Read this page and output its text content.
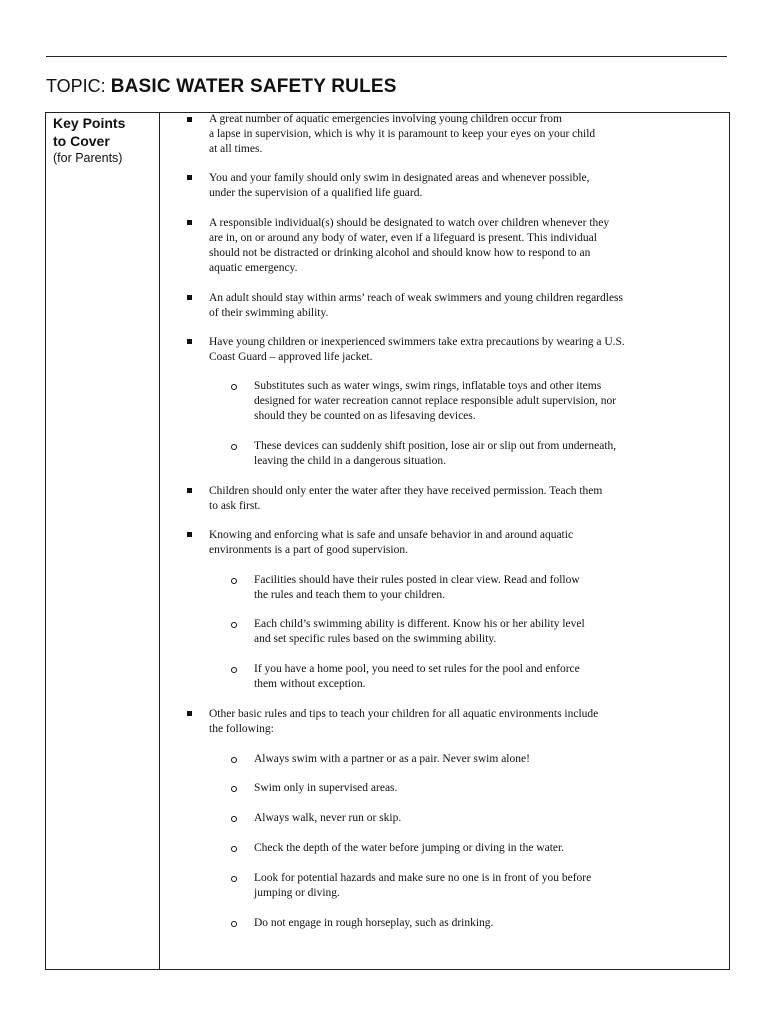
TOPIC: BASIC WATER SAFETY RULES
Key Points
to Cover
(for Parents)
A great number of aquatic emergencies involving young children occur from
a lapse in supervision, which is why it is paramount to keep your eyes on your child
at all times.
You and your family should only swim in designated areas and whenever possible,
under the supervision of a qualified life guard.
A responsible individual(s) should be designated to watch over children whenever they
are in, on or around any body of water, even if a lifeguard is present. This individual
should not be distracted or drinking alcohol and should know how to respond to an
aquatic emergency.
An adult should stay within arms’ reach of weak swimmers and young children regardless
of their swimming ability.
Have young children or inexperienced swimmers take extra precautions by wearing a U.S.
Coast Guard – approved life jacket.
Substitutes such as water wings, swim rings, inflatable toys and other items
designed for water recreation cannot replace responsible adult supervision, nor
should they be counted on as lifesaving devices.
These devices can suddenly shift position, lose air or slip out from underneath,
leaving the child in a dangerous situation.
Children should only enter the water after they have received permission. Teach them
to ask first.
Knowing and enforcing what is safe and unsafe behavior in and around aquatic
environments is a part of good supervision.
Facilities should have their rules posted in clear view. Read and follow
the rules and teach them to your children.
Each child’s swimming ability is different. Know his or her ability level
and set specific rules based on the swimming ability.
If you have a home pool, you need to set rules for the pool and enforce
them without exception.
Other basic rules and tips to teach your children for all aquatic environments include
the following:
Always swim with a partner or as a pair. Never swim alone!
Swim only in supervised areas.
Always walk, never run or skip.
Check the depth of the water before jumping or diving in the water.
Look for potential hazards and make sure no one is in front of you before
jumping or diving.
Do not engage in rough horseplay, such as drinking.
